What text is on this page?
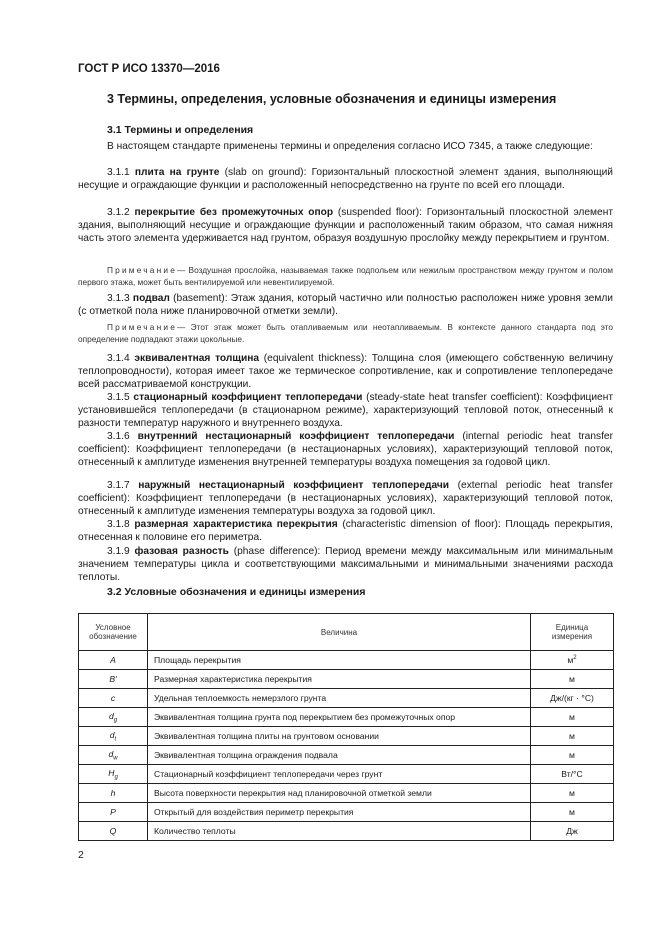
ГОСТ Р ИСО 13370—2016
3 Термины, определения, условные обозначения и единицы измерения
3.1 Термины и определения
В настоящем стандарте применены термины и определения согласно ИСО 7345, а также следующие:
3.1.1 плита на грунте (slab on ground): Горизонтальный плоскостной элемент здания, выполняющий несущие и ограждающие функции и расположенный непосредственно на грунте по всей его площади.
3.1.2 перекрытие без промежуточных опор (suspended floor): Горизонтальный плоскостной элемент здания, выполняющий несущие и ограждающие функции и расположенный таким образом, что самая нижняя часть этого элемента удерживается над грунтом, образуя воздушную прослойку между перекрытием и грунтом.
Примечание— Воздушная прослойка, называемая также подпольем или нежилым пространством между грунтом и полом первого этажа, может быть вентилируемой или невентилируемой.
3.1.3 подвал (basement): Этаж здания, который частично или полностью расположен ниже уровня земли (с отметкой пола ниже планировочной отметки земли).
Примечание— Этот этаж может быть отапливаемым или неотапливаемым. В контексте данного стандарта под это определение подпадают этажи цокольные.
3.1.4 эквивалентная толщина (equivalent thickness): Толщина слоя (имеющего собственную величину теплопроводности), которая имеет такое же термическое сопротивление, как и сопротивление теплопередаче всей рассматриваемой конструкции.
3.1.5 стационарный коэффициент теплопередачи (steady-state heat transfer coefficient): Коэффициент установившейся теплопередачи (в стационарном режиме), характеризующий тепловой поток, отнесенный к разности температур наружного и внутреннего воздуха.
3.1.6 внутренний нестационарный коэффициент теплопередачи (internal periodic heat transfer coefficient): Коэффициент теплопередачи (в нестационарных условиях), характеризующий тепловой поток, отнесенный к амплитуде изменения внутренней температуры воздуха помещения за годовой цикл.
3.1.7 наружный нестационарный коэффициент теплопередачи (external periodic heat transfer coefficient): Коэффициент теплопередачи (в нестационарных условиях), характеризующий тепловой поток, отнесенный к амплитуде изменения температуры воздуха за годовой цикл.
3.1.8 размерная характеристика перекрытия (characteristic dimension of floor): Площадь перекрытия, отнесенная к половине его периметра.
3.1.9 фазовая разность (phase difference): Период времени между максимальным или минимальным значением температуры цикла и соответствующими максимальными и минимальными значениями расхода теплоты.
3.2 Условные обозначения и единицы измерения
Условное обозначение	Величина	Единица измерения
A	Площадь перекрытия	$м^2$
B'	Размерная характеристика перекрытия	м
c	Удельная теплоемкость немерзлого грунта	Дж/(кг · °С)
$d_g$	Эквивалентная толщина грунта под перекрытием без промежуточных опор	м
$d_t$	Эквивалентная толщина плиты на грунтовом основании	м
$d_w$	Эквивалентная толщина ограждения подвала	м
$H_g$	Стационарный коэффициент теплопередачи через грунт	Вт/°С
h	Высота поверхности перекрытия над планировочной отметкой земли	м
P	Открытый для воздействия периметр перекрытия	м
Q	Количество теплоты	Дж
2
